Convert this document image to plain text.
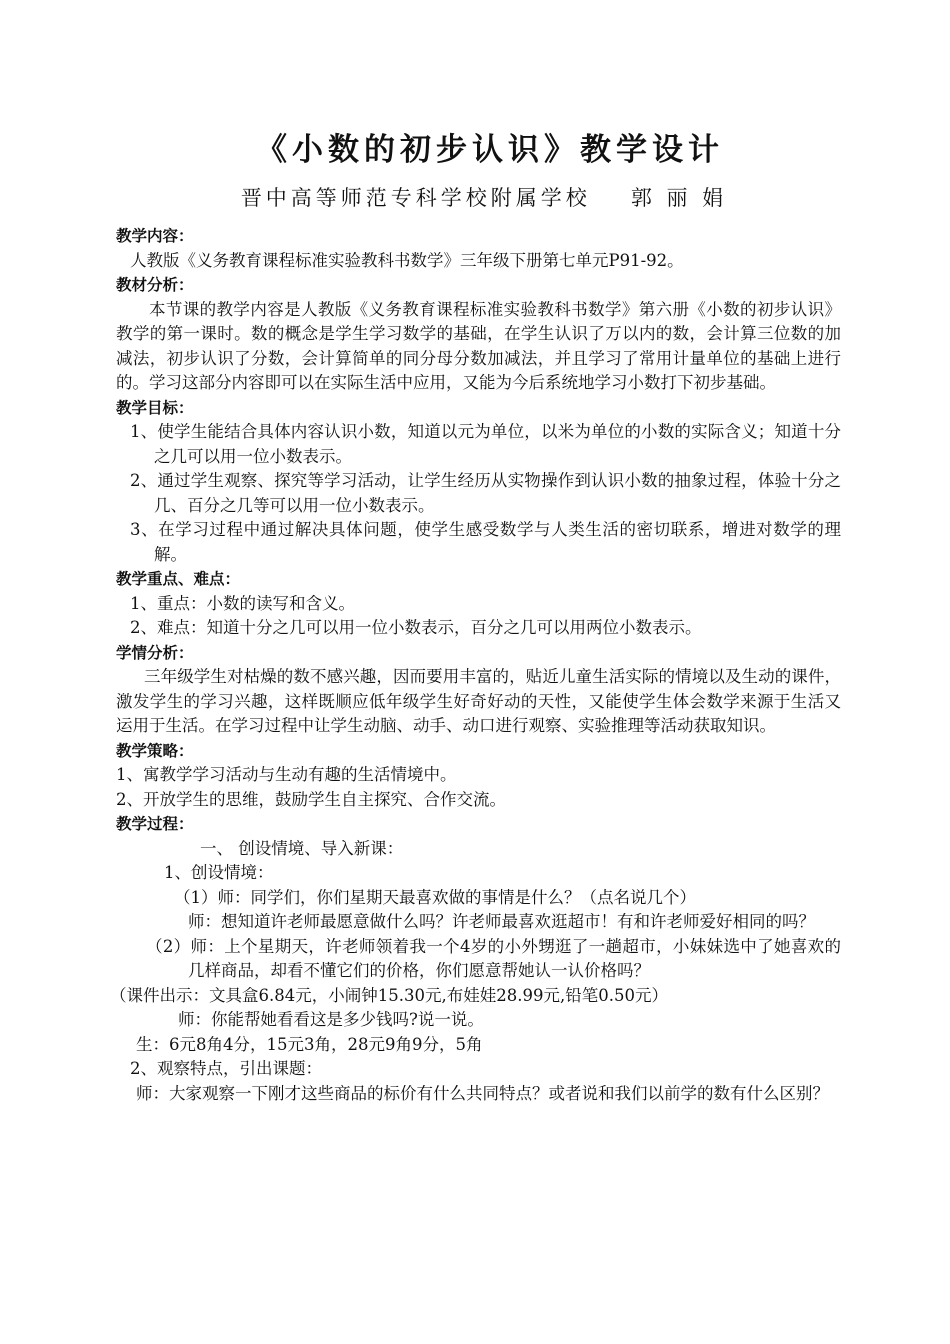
《小数的初步认识》教学设计
晋中高等师范专科学校附属学校 郭 丽 娟
教学内容：
人教版《义务教育课程标准实验教科书数学》三年级下册第七单元P91-92。
教材分析：
本节课的教学内容是人教版《义务教育课程标准实验教科书数学》第六册《小数的初步认识》教学的第一课时。数的概念是学生学习数学的基础，在学生认识了万以内的数，会计算三位数的加减法，初步认识了分数，会计算简单的同分母分数加减法，并且学习了常用计量单位的基础上进行的。学习这部分内容即可以在实际生活中应用，又能为今后系统地学习小数打下初步基础。
教学目标：
1、使学生能结合具体内容认识小数，知道以元为单位，以米为单位的小数的实际含义；知道十分之几可以用一位小数表示。
2、通过学生观察、探究等学习活动，让学生经历从实物操作到认识小数的抽象过程，体验十分之几、百分之几等可以用一位小数表示。
3、在学习过程中通过解决具体问题，使学生感受数学与人类生活的密切联系，增进对数学的理解。
教学重点、难点：
1、重点：小数的读写和含义。
2、难点：知道十分之几可以用一位小数表示，百分之几可以用两位小数表示。
学情分析：
三年级学生对枯燥的数不感兴趣，因而要用丰富的，贴近儿童生活实际的情境以及生动的课件，激发学生的学习兴趣，这样既顺应低年级学生好奇好动的天性，又能使学生体会数学来源于生活又运用于生活。在学习过程中让学生动脑、动手、动口进行观察、实验推理等活动获取知识。
教学策略：
1、寓教学学习活动与生动有趣的生活情境中。
2、开放学生的思维，鼓励学生自主探究、合作交流。
教学过程：
一、 创设情境、导入新课：
1、创设情境：
（1）师：同学们，你们星期天最喜欢做的事情是什么？（点名说几个）
师：想知道许老师最愿意做什么吗？许老师最喜欢逛超市！有和许老师爱好相同的吗？
（2）师：上个星期天，许老师领着我一个4岁的小外甥逛了一趟超市，小妹妹选中了她喜欢的几样商品，却看不懂它们的价格，你们愿意帮她认一认价格吗？
（课件出示：文具盒6.84元，小闹钟15.30元,布娃娃28.99元,铅笔0.50元）
师：你能帮她看看这是多少钱吗?说一说。
生：6元8角4分，15元3角，28元9角9分，5角
2、观察特点，引出课题：
师：大家观察一下刚才这些商品的标价有什么共同特点？或者说和我们以前学的数有什么区别？
